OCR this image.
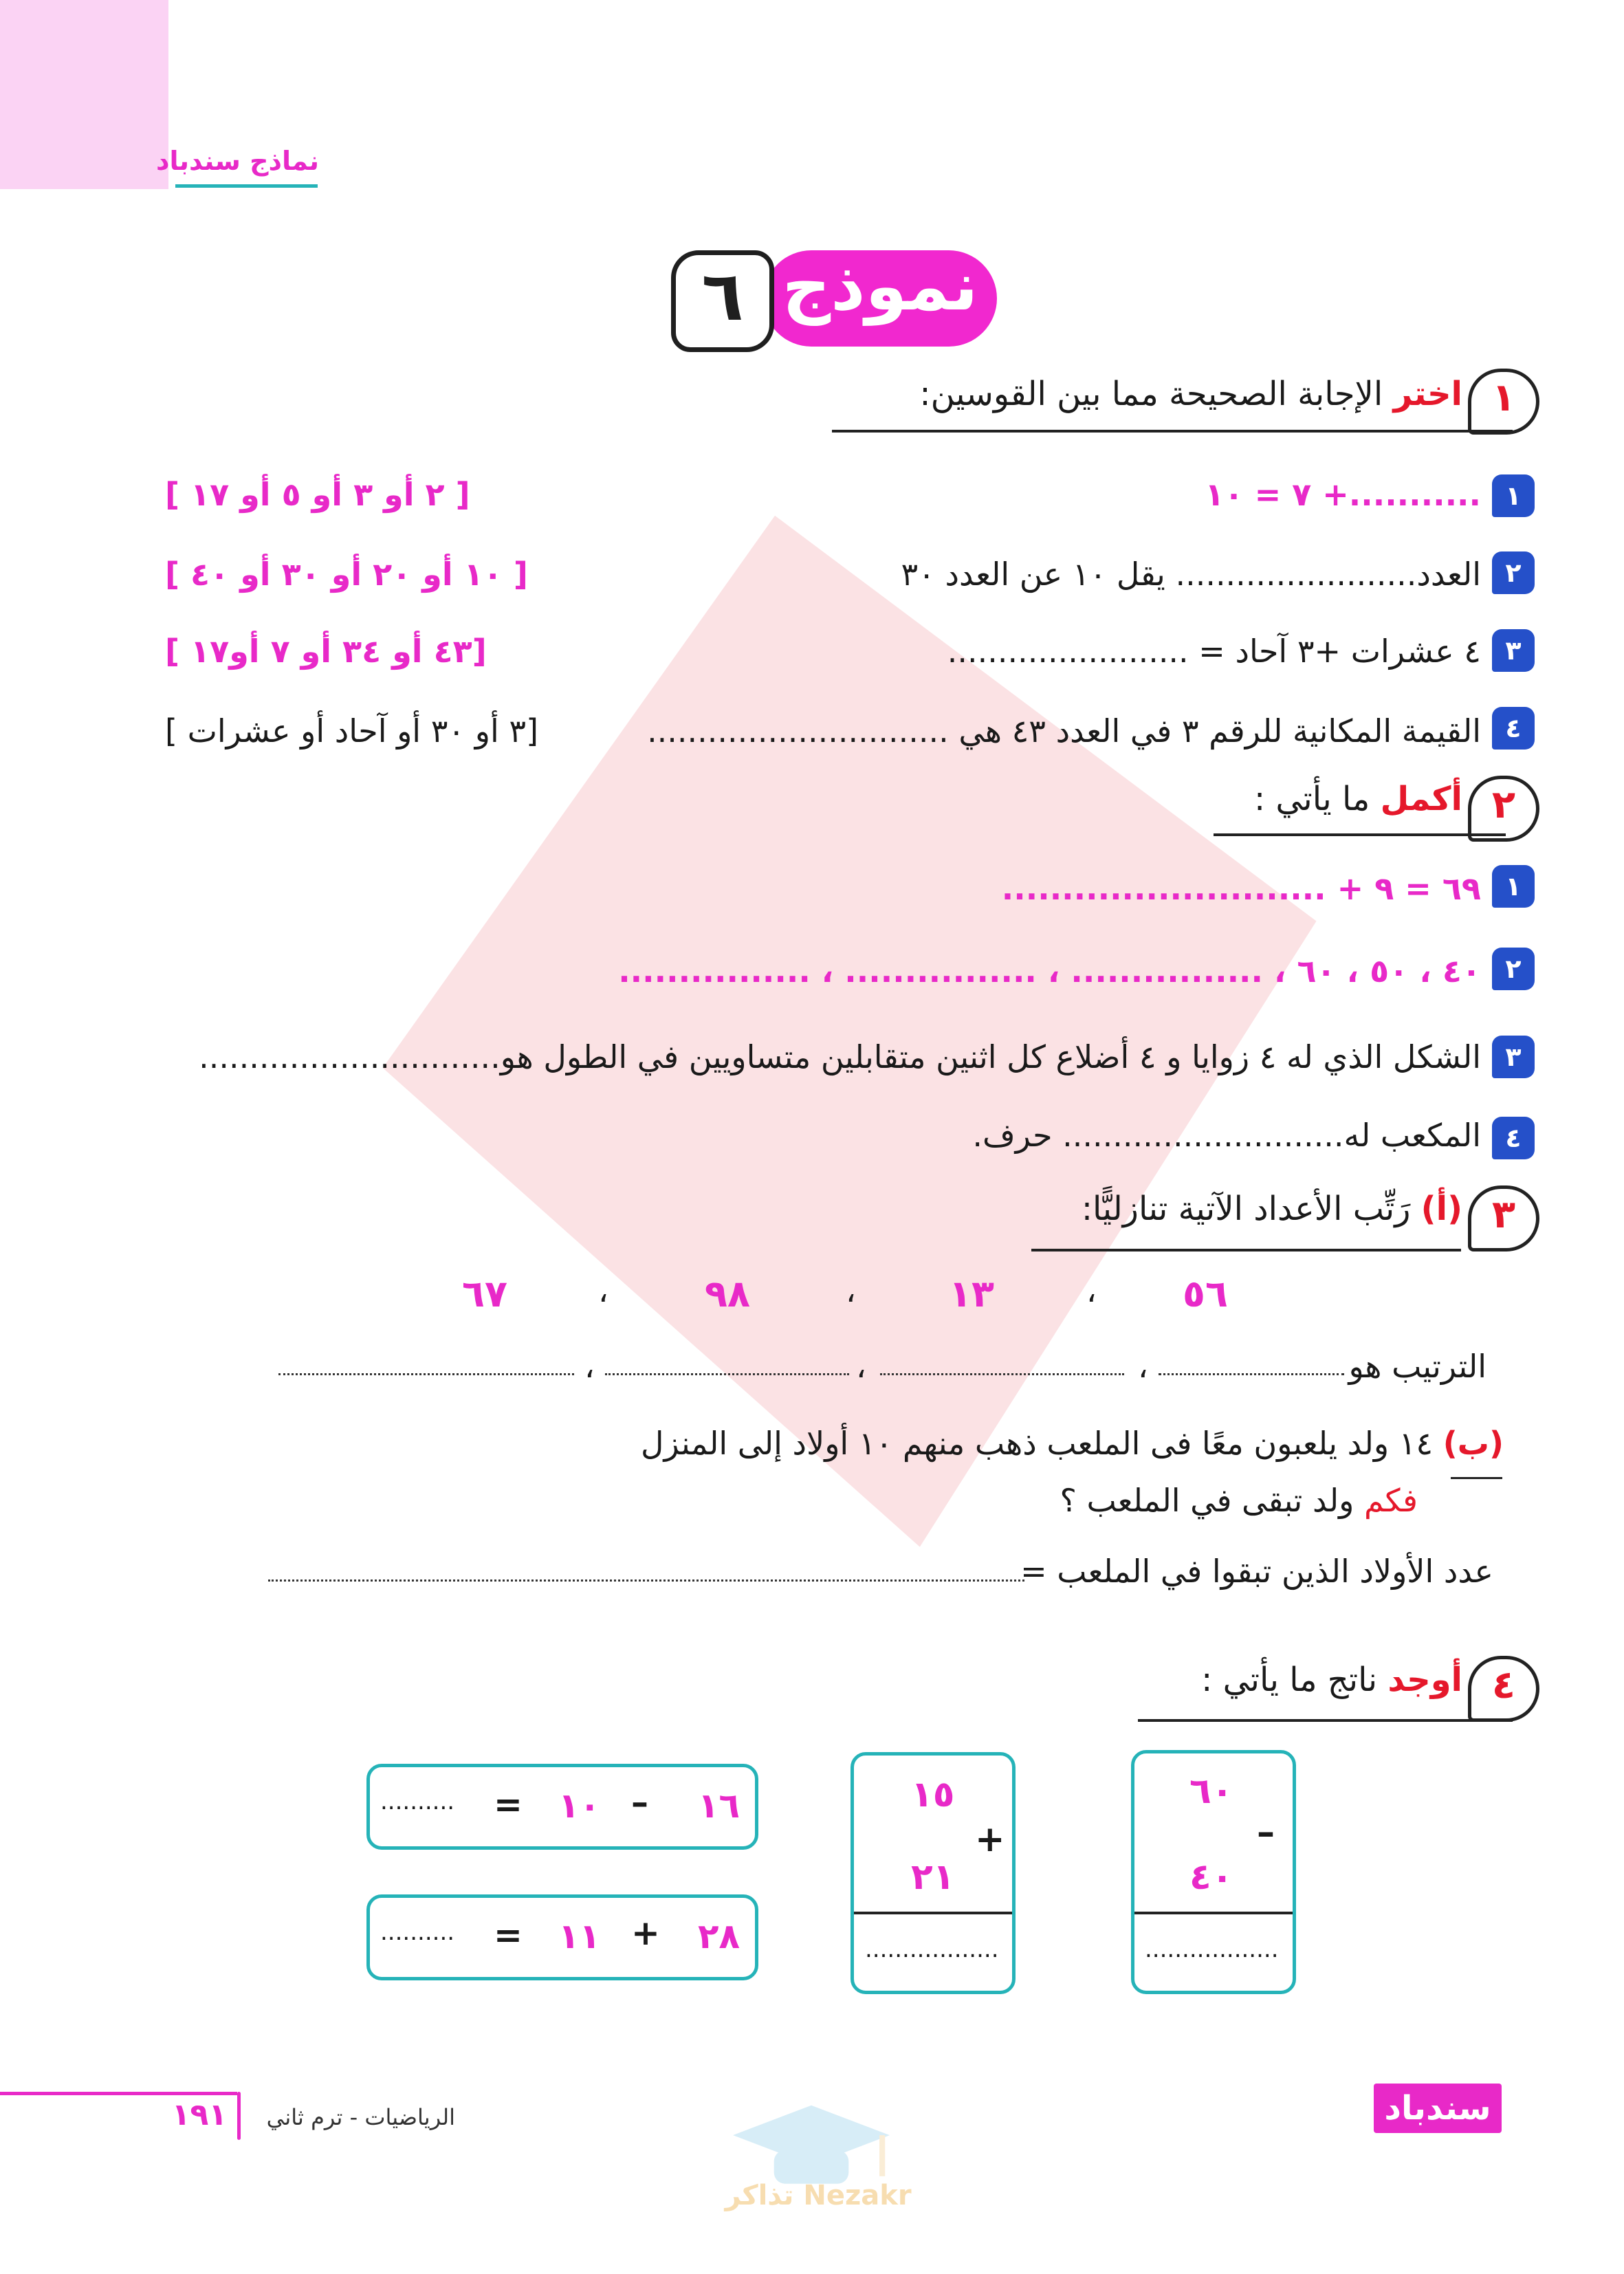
نماذج سندباد
نموذج
٦
١
اختر الإجابة الصحيحة مما بين القوسين:
١
...........+ ٧ = ١٠
[ ٢ أو ٣ أو ٥ أو ١٧ ]
٢
العدد........................ يقل ١٠ عن العدد ٣٠
[ ١٠ أو ٢٠ أو ٣٠ أو ٤٠ ]
٣
٤ عشرات +٣ آحاد = ........................
[٤٣ أو ٣٤ أو ٧ أو١٧ ]
٤
القيمة المكانية للرقم ٣ في العدد ٤٣ هي ..............................
[٣ أو ٣٠ أو آحاد أو عشرات ]
٢
أكمل ما يأتي :
١
٦٩ = ٩ + ...........................
٢
٤٠ ، ٥٠ ، ٦٠ ، ................ ، ................ ، ................
٣
الشكل الذي له ٤ زوايا و ٤ أضلاع كل اثنين متقابلين متساويين في الطول هو..............................
٤
المكعب له............................ حرف.
٣
(أ) رَتِّب الأعداد الآتية تنازليًّا:
٥٦
،
١٣
،
٩٨
،
٦٧
الترتيب هو
،
،
،
(ب) ١٤ ولد يلعبون معًا فى الملعب ذهب منهم ١٠ أولاد إلى المنزل
فكم ولد تبقى في الملعب ؟
عدد الأولاد الذين تبقوا في الملعب =
٤
أوجد ناتج ما يأتي :
٦٠
–
٤٠
..................
١٥
+
٢١
..................
١٦
–
١٠
=
..........
٢٨
+
١١
=
..........
١٩١	الرياضيات - ترم ثاني	سندباد
Nezakr تذاكر
